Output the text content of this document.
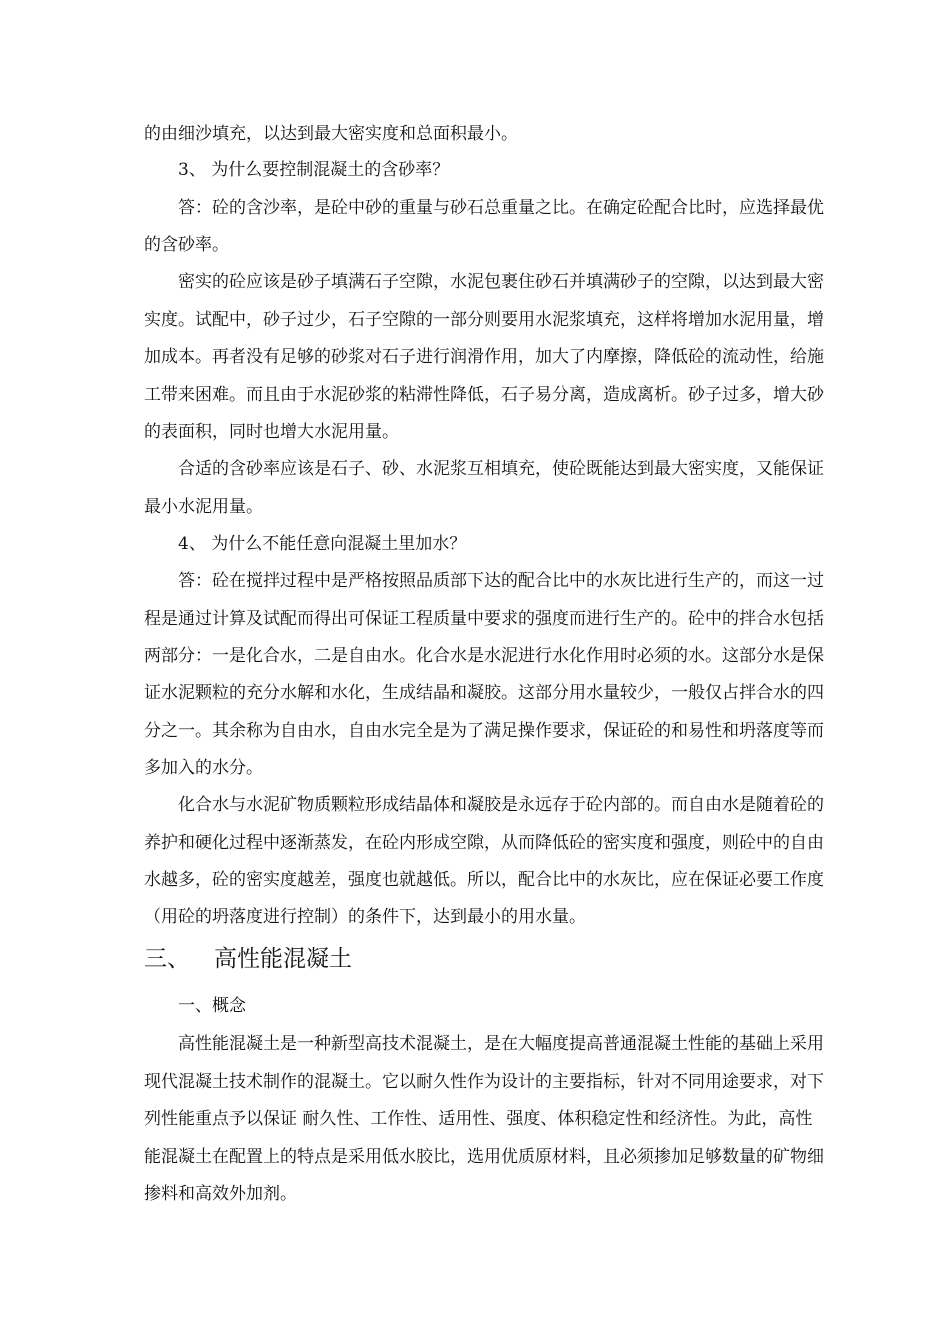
的由细沙填充，以达到最大密实度和总面积最小。
3、 为什么要控制混凝土的含砂率？
答：砼的含沙率，是砼中砂的重量与砂石总重量之比。在确定砼配合比时，应选择最优
的含砂率。
密实的砼应该是砂子填满石子空隙，水泥包裹住砂石并填满砂子的空隙，以达到最大密
实度。试配中，砂子过少，石子空隙的一部分则要用水泥浆填充，这样将增加水泥用量，增
加成本。再者没有足够的砂浆对石子进行润滑作用，加大了内摩擦，降低砼的流动性，给施
工带来困难。而且由于水泥砂浆的粘滞性降低，石子易分离，造成离析。砂子过多，增大砂
的表面积，同时也增大水泥用量。
合适的含砂率应该是石子、砂、水泥浆互相填充，使砼既能达到最大密实度，又能保证
最小水泥用量。
4、 为什么不能任意向混凝土里加水？
答：砼在搅拌过程中是严格按照品质部下达的配合比中的水灰比进行生产的，而这一过
程是通过计算及试配而得出可保证工程质量中要求的强度而进行生产的。砼中的拌合水包括
两部分：一是化合水，二是自由水。化合水是水泥进行水化作用时必须的水。这部分水是保
证水泥颗粒的充分水解和水化，生成结晶和凝胶。这部分用水量较少，一般仅占拌合水的四
分之一。其余称为自由水，自由水完全是为了满足操作要求，保证砼的和易性和坍落度等而
多加入的水分。
化合水与水泥矿物质颗粒形成结晶体和凝胶是永远存于砼内部的。而自由水是随着砼的
养护和硬化过程中逐渐蒸发，在砼内形成空隙，从而降低砼的密实度和强度，则砼中的自由
水越多，砼的密实度越差，强度也就越低。所以，配合比中的水灰比，应在保证必要工作度
（用砼的坍落度进行控制）的条件下，达到最小的用水量。
三、 高性能混凝土
一、概念
高性能混凝土是一种新型高技术混凝土，是在大幅度提高普通混凝土性能的基础上采用
现代混凝土技术制作的混凝土。它以耐久性作为设计的主要指标，针对不同用途要求，对下
列性能重点予以保证 耐久性、工作性、适用性、强度、体积稳定性和经济性。为此，高性
能混凝土在配置上的特点是采用低水胶比，选用优质原材料，且必须掺加足够数量的矿物细
掺料和高效外加剂。
